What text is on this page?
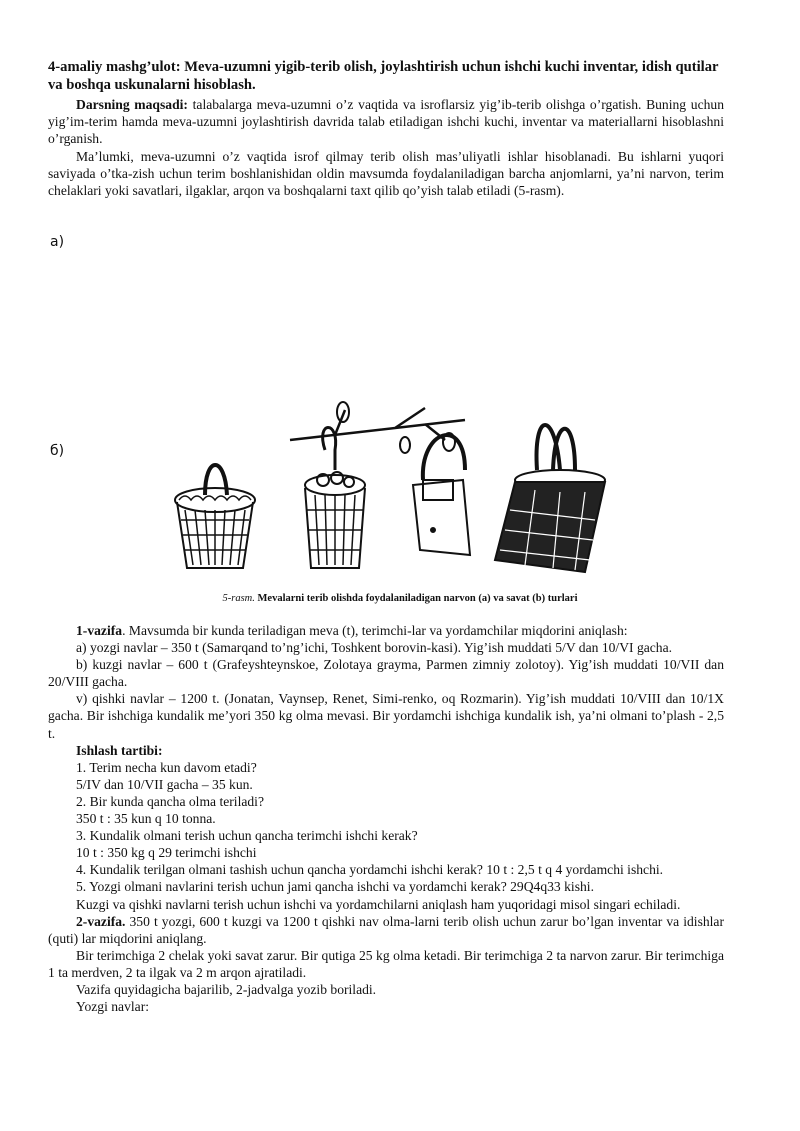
4-amaliy mashg’ulot: Meva-uzumni yigib-terib olish, joylashtirish uchun ishchi kuchi inventar, idish qutilar va boshqa uskunalarni hisoblash.

Darsning maqsadi: talabalarga meva-uzumni o’z vaqtida va isroflarsiz yig’ib-terib olishga o’rgatish. Buning uchun yig’im-terim hamda meva-uzumni joylashtirish davrida talab etiladigan ishchi kuchi, inventar va materiallarni hisoblashni o’rganish.

Ma’lumki, meva-uzumni o’z vaqtida isrof qilmay terib olish mas’uliyatli ishlar hisoblanadi. Bu ishlarni yuqori saviyada o’tka-zish uchun terim boshlanishidan oldin mavsumda foydalaniladigan barcha anjomlarni, ya’ni narvon, terim chelaklari yoki savatlari, ilgaklar, arqon va boshqalarni taxt qilib qo’yish talab etiladi (5-rasm).

a)
б)
5-rasm. Mevalarni terib olishda foydalaniladigan narvon (a) va savat (b) turlari

1-vazifa. Mavsumda bir kunda teriladigan meva (t), terimchi-lar va yordamchilar miqdorini aniqlash:

a) yozgi navlar – 350 t (Samarqand to’ng’ichi, Toshkent borovin-kasi). Yig’ish muddati 5/V dan 10/VI gacha.

b) kuzgi navlar – 600 t (Grafeyshteynskoe, Zolotaya grayma, Parmen zimniy zolotoy). Yig’ish muddati 10/VII dan 20/VIII gacha.

v) qishki navlar – 1200 t. (Jonatan, Vaynsep, Renet, Simi-renko, oq Rozmarin). Yig’ish muddati 10/VIII dan 10/1X gacha. Bir ishchiga kundalik me’yori 350 kg olma mevasi. Bir yordamchi ishchiga kundalik ish, ya’ni olmani to’plash - 2,5 t.

Ishlash tartibi:

1. Terim necha kun davom etadi?

5/IV dan 10/VII gacha – 35 kun.

2. Bir kunda qancha olma teriladi?

350 t : 35 kun q 10 tonna.

3. Kundalik olmani terish uchun qancha terimchi ishchi kerak?

10 t : 350 kg q 29 terimchi ishchi

4. Kundalik terilgan olmani tashish uchun qancha yordamchi ishchi kerak? 10 t : 2,5 t q 4 yordamchi ishchi.

5. Yozgi olmani navlarini terish uchun jami qancha ishchi va yordamchi kerak? 29Q4q33 kishi.

Kuzgi va qishki navlarni terish uchun ishchi va yordamchilarni aniqlash ham yuqoridagi misol singari echiladi.

2-vazifa. 350 t yozgi, 600 t kuzgi va 1200 t qishki nav olma-larni terib olish uchun zarur bo’lgan inventar va idishlar (quti) lar miqdorini aniqlang.

Bir terimchiga 2 chelak yoki savat zarur. Bir qutiga 25 kg olma ketadi. Bir terimchiga 2 ta narvon zarur. Bir terimchiga 1 ta merdven, 2 ta ilgak va 2 m arqon ajratiladi.

Vazifa quyidagicha bajarilib, 2-jadvalga yozib boriladi.

Yozgi navlar:
